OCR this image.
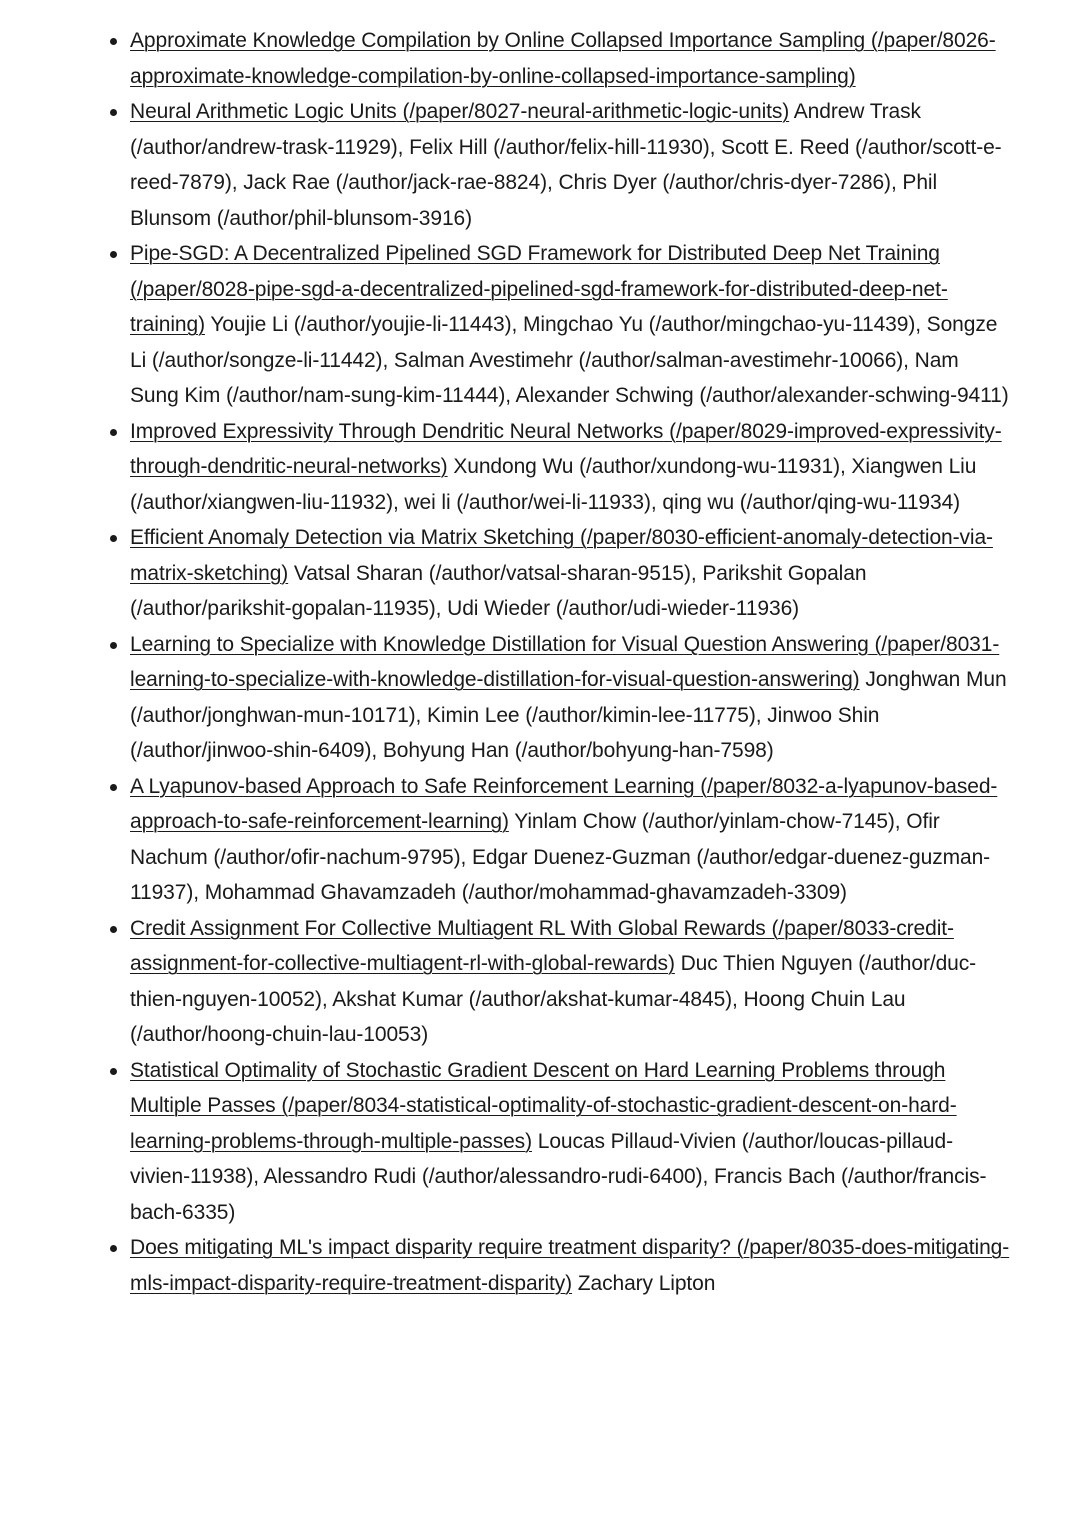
Approximate Knowledge Compilation by Online Collapsed Importance Sampling (/paper/8026-approximate-knowledge-compilation-by-online-collapsed-importance-sampling)
Neural Arithmetic Logic Units (/paper/8027-neural-arithmetic-logic-units) Andrew Trask (/author/andrew-trask-11929), Felix Hill (/author/felix-hill-11930), Scott E. Reed (/author/scott-e-reed-7879), Jack Rae (/author/jack-rae-8824), Chris Dyer (/author/chris-dyer-7286), Phil Blunsom (/author/phil-blunsom-3916)
Pipe-SGD: A Decentralized Pipelined SGD Framework for Distributed Deep Net Training (/paper/8028-pipe-sgd-a-decentralized-pipelined-sgd-framework-for-distributed-deep-net-training) Youjie Li (/author/youjie-li-11443), Mingchao Yu (/author/mingchao-yu-11439), Songze Li (/author/songze-li-11442), Salman Avestimehr (/author/salman-avestimehr-10066), Nam Sung Kim (/author/nam-sung-kim-11444), Alexander Schwing (/author/alexander-schwing-9411)
Improved Expressivity Through Dendritic Neural Networks (/paper/8029-improved-expressivity-through-dendritic-neural-networks) Xundong Wu (/author/xundong-wu-11931), Xiangwen Liu (/author/xiangwen-liu-11932), wei li (/author/wei-li-11933), qing wu (/author/qing-wu-11934)
Efficient Anomaly Detection via Matrix Sketching (/paper/8030-efficient-anomaly-detection-via-matrix-sketching) Vatsal Sharan (/author/vatsal-sharan-9515), Parikshit Gopalan (/author/parikshit-gopalan-11935), Udi Wieder (/author/udi-wieder-11936)
Learning to Specialize with Knowledge Distillation for Visual Question Answering (/paper/8031-learning-to-specialize-with-knowledge-distillation-for-visual-question-answering) Jonghwan Mun (/author/jonghwan-mun-10171), Kimin Lee (/author/kimin-lee-11775), Jinwoo Shin (/author/jinwoo-shin-6409), Bohyung Han (/author/bohyung-han-7598)
A Lyapunov-based Approach to Safe Reinforcement Learning (/paper/8032-a-lyapunov-based-approach-to-safe-reinforcement-learning) Yinlam Chow (/author/yinlam-chow-7145), Ofir Nachum (/author/ofir-nachum-9795), Edgar Duenez-Guzman (/author/edgar-duenez-guzman-11937), Mohammad Ghavamzadeh (/author/mohammad-ghavamzadeh-3309)
Credit Assignment For Collective Multiagent RL With Global Rewards (/paper/8033-credit-assignment-for-collective-multiagent-rl-with-global-rewards) Duc Thien Nguyen (/author/duc-thien-nguyen-10052), Akshat Kumar (/author/akshat-kumar-4845), Hoong Chuin Lau (/author/hoong-chuin-lau-10053)
Statistical Optimality of Stochastic Gradient Descent on Hard Learning Problems through Multiple Passes (/paper/8034-statistical-optimality-of-stochastic-gradient-descent-on-hard-learning-problems-through-multiple-passes) Loucas Pillaud-Vivien (/author/loucas-pillaud-vivien-11938), Alessandro Rudi (/author/alessandro-rudi-6400), Francis Bach (/author/francis-bach-6335)
Does mitigating ML's impact disparity require treatment disparity? (/paper/8035-does-mitigating-mls-impact-disparity-require-treatment-disparity) Zachary Lipton
